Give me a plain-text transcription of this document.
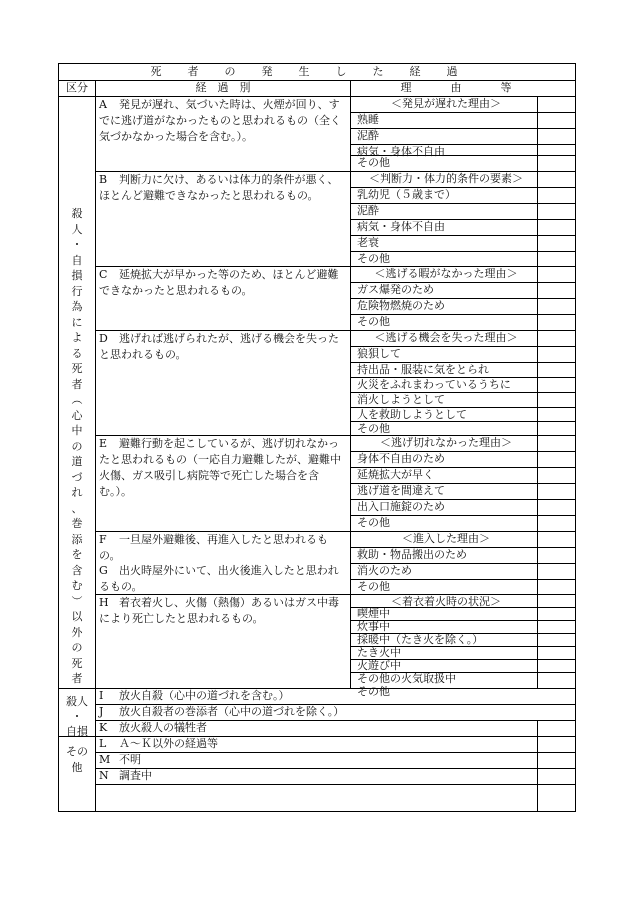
死者の発生した経過
区分	経　過　別	理　由　等
殺
人
・
自
損
行
為
に
よ
る
死
者
︵
心
中
の
道
づ
れ
、
巻
添
を
含
む
︶
以
外
の
死
者
A 発見が遅れ、気づいた時は、火煙が回り、すでに逃げ道がなかったものと思われるもの（全く気づかなかった場合を含む。）。
＜発見が遅れた理由＞
熟睡
泥酔
病気・身体不自由
その他
B 判断力に欠け、あるいは体力的条件が悪く、ほとんど避難できなかったと思われるもの。
＜判断力・体力的条件の要素＞
乳幼児（５歳まで）
泥酔
病気・身体不自由
老衰
その他
C 延焼拡大が早かった等のため、ほとんど避難できなかったと思われるもの。
＜逃げる暇がなかった理由＞
ガス爆発のため
危険物燃焼のため
その他
D 逃げれば逃げられたが、逃げる機会を失ったと思われるもの。
＜逃げる機会を失った理由＞
狼狽して
持出品・服装に気をとられ
火災をふれまわっているうちに
消火しようとして
人を救助しようとして
その他
E 避難行動を起こしているが、逃げ切れなかったと思われるもの（一応自力避難したが、避難中火傷、ガス吸引し病院等で死亡した場合を含む。）。
＜逃げ切れなかった理由＞
身体不自由のため
延焼拡大が早く
逃げ道を間違えて
出入口施錠のため
その他
F 一旦屋外避難後、再進入したと思われるもの。
G 出火時屋外にいて、出火後進入したと思われるもの。
＜進入した理由＞
救助・物品搬出のため
消火のため
その他
H 着衣着火し、火傷（熱傷）あるいはガス中毒により死亡したと思われるもの。
＜着衣着火時の状況＞
喫煙中
炊事中
採暖中（たき火を除く。）
たき火中
火遊び中
その他の火気取扱中
その他
殺人
・
自損
その
他
I 放火自殺（心中の道づれを含む。）
J 放火自殺者の巻添者（心中の道づれを除く。）
K 放火殺人の犠牲者
L Ａ～Ｋ以外の経過等
M 不明
N 調査中
